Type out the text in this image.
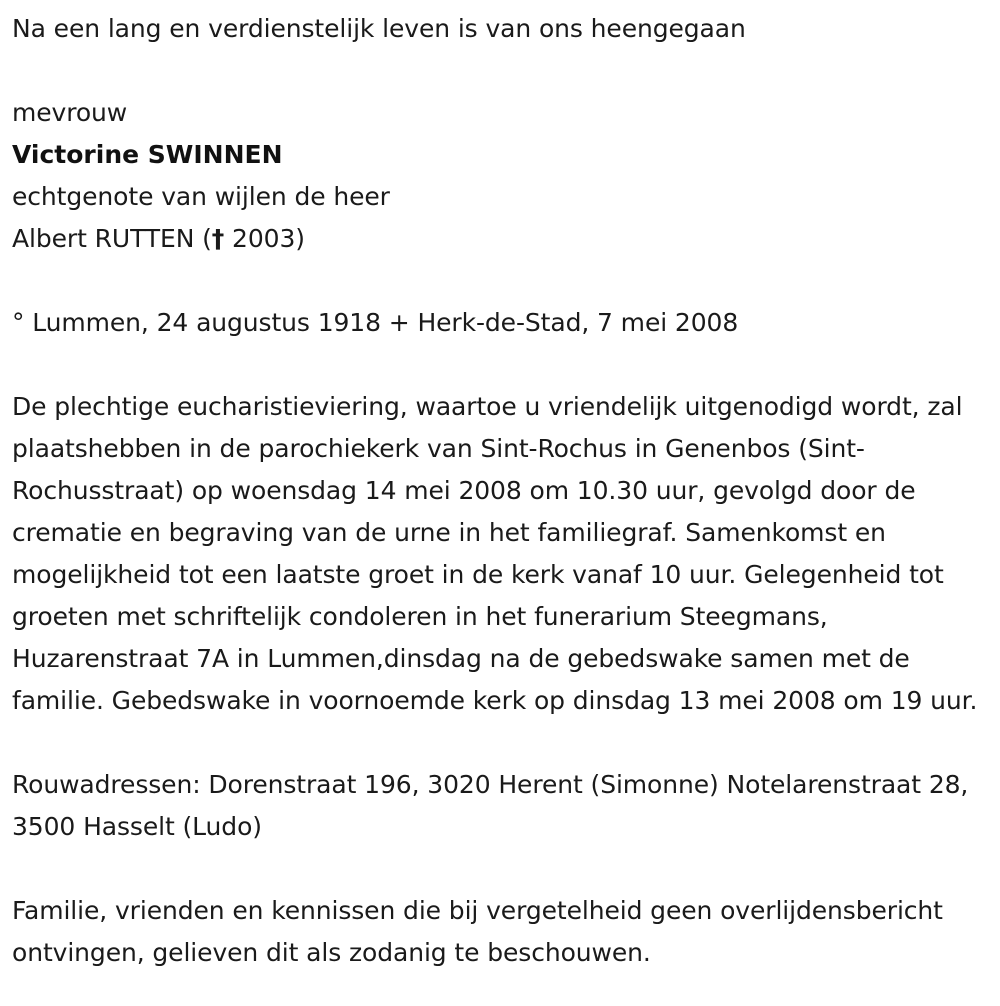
Na een lang en verdienstelijk leven is van ons heengegaan

mevrouw

Victorine SWINNEN

echtgenote van wijlen de heer

Albert RUTTEN († 2003)

° Lummen, 24 augustus 1918 + Herk-de-Stad, 7 mei 2008

De plechtige eucharistieviering, waartoe u vriendelijk uitgenodigd wordt, zal plaatshebben in de parochiekerk van Sint-Rochus in Genenbos (Sint-Rochusstraat) op woensdag 14 mei 2008 om 10.30 uur, gevolgd door de crematie en begraving van de urne in het familiegraf. Samenkomst en mogelijkheid tot een laatste groet in de kerk vanaf 10 uur. Gelegenheid tot groeten met schriftelijk condoleren in het funerarium Steegmans, Huzarenstraat 7A in Lummen,dinsdag na de gebedswake samen met de familie. Gebedswake in voornoemde kerk op dinsdag 13 mei 2008 om 19 uur.

Rouwadressen: Dorenstraat 196, 3020 Herent (Simonne) Notelarenstraat 28, 3500 Hasselt (Ludo)

Familie, vrienden en kennissen die bij vergetelheid geen overlijdensbericht ontvingen, gelieven dit als zodanig te beschouwen.
